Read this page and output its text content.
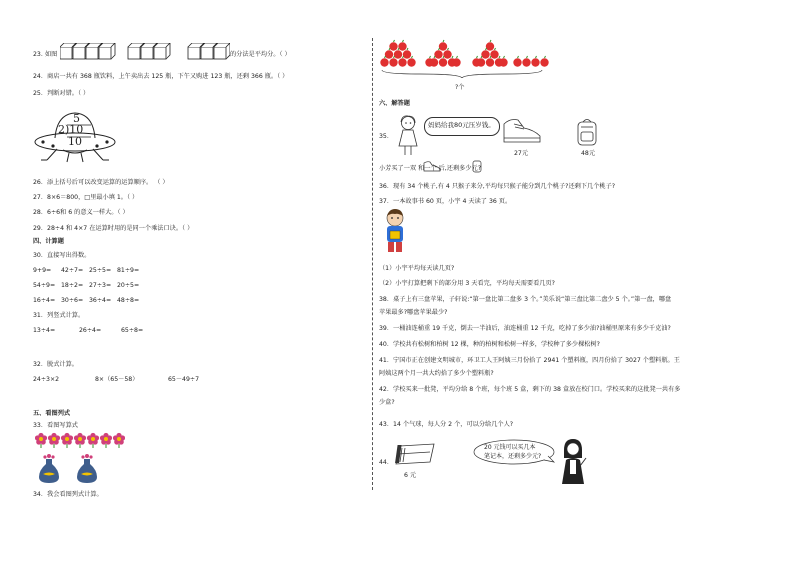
23. 如图	的分法是平均分。（ ）
24．商店一共有 368 瓶饮料，上午卖出去 125 瓶，下午又购进 123 瓶，还剩 366 瓶。（ ）
25．判断对错。（ ）
5
2)10
10
26．添上括号后可以改变运算的运算顺序。 （ ）
27．8×6＝800，□里最小填 1。（ ）
28．6÷6和 6 的意义一样大。（ ）
29．28÷4 和 4×7 在运算时用的是同一个乘法口诀。（ ）
四、计算题
30．直接写出得数。
9+9= 42÷7= 25÷5= 81÷9=
54÷9= 18÷2= 27÷3= 20÷5=
16÷4= 30÷6= 36÷4= 48÷8=
31．列竖式计算。
13÷4=	26÷4=	65÷8=
32．脱式计算。
24÷3×2	8×（65－58）	65－49÷7
五、看图列式
33．看图写算式
34．我会看图列式计算。
?个
六、解答题
35．
妈妈给我80元压岁钱。
27元	48元
小芳买了一双 和一个 后,还剩多少元?
36．现有 34 个桃子,有 4 只猴子来分,平均每只猴子能分到几个桃子?还剩下几个桃子?
37．一本故事书 60 页，小宇 4 天读了 36 页。
（1）小宇平均每天读几页?
（2）小宇打算把剩下的部分用 3 天看完，平均每天需要看几页?
38．桌子上有三盘苹果，子轩说:“第一盘比第二盘多 3 个。”美乐说“第三盘比第二盘少 5 个。”第一盘，哪盘
苹果最多?哪盘苹果最少?
39．一桶油连桶重 19 千克，倒去一半油后，油连桶重 12 千克，吃掉了多少油?油桶里原来有多少千克油?
40．学校共有松树和柏树 12 棵，种的柏树和松树一样多，学校种了多少棵松树?
41．宁国市正在创建文明城市，环卫工人王阿姨三月份拾了 2941 个塑料瓶，四月份拾了 3027 个塑料瓶。王
阿姨这两个月一共大约拾了多少个塑料瓶?
42．学校买来一批凳，平均分给 8 个班，每个班 5 盒，剩下的 38 盒放在校门口。学校买来的这批凳一共有多
少盒?
43．14 个气球，每人分 2 个，可以分给几个人?
44．
6 元
20 元钱可以买几本
笔记本，还剩多少元?
